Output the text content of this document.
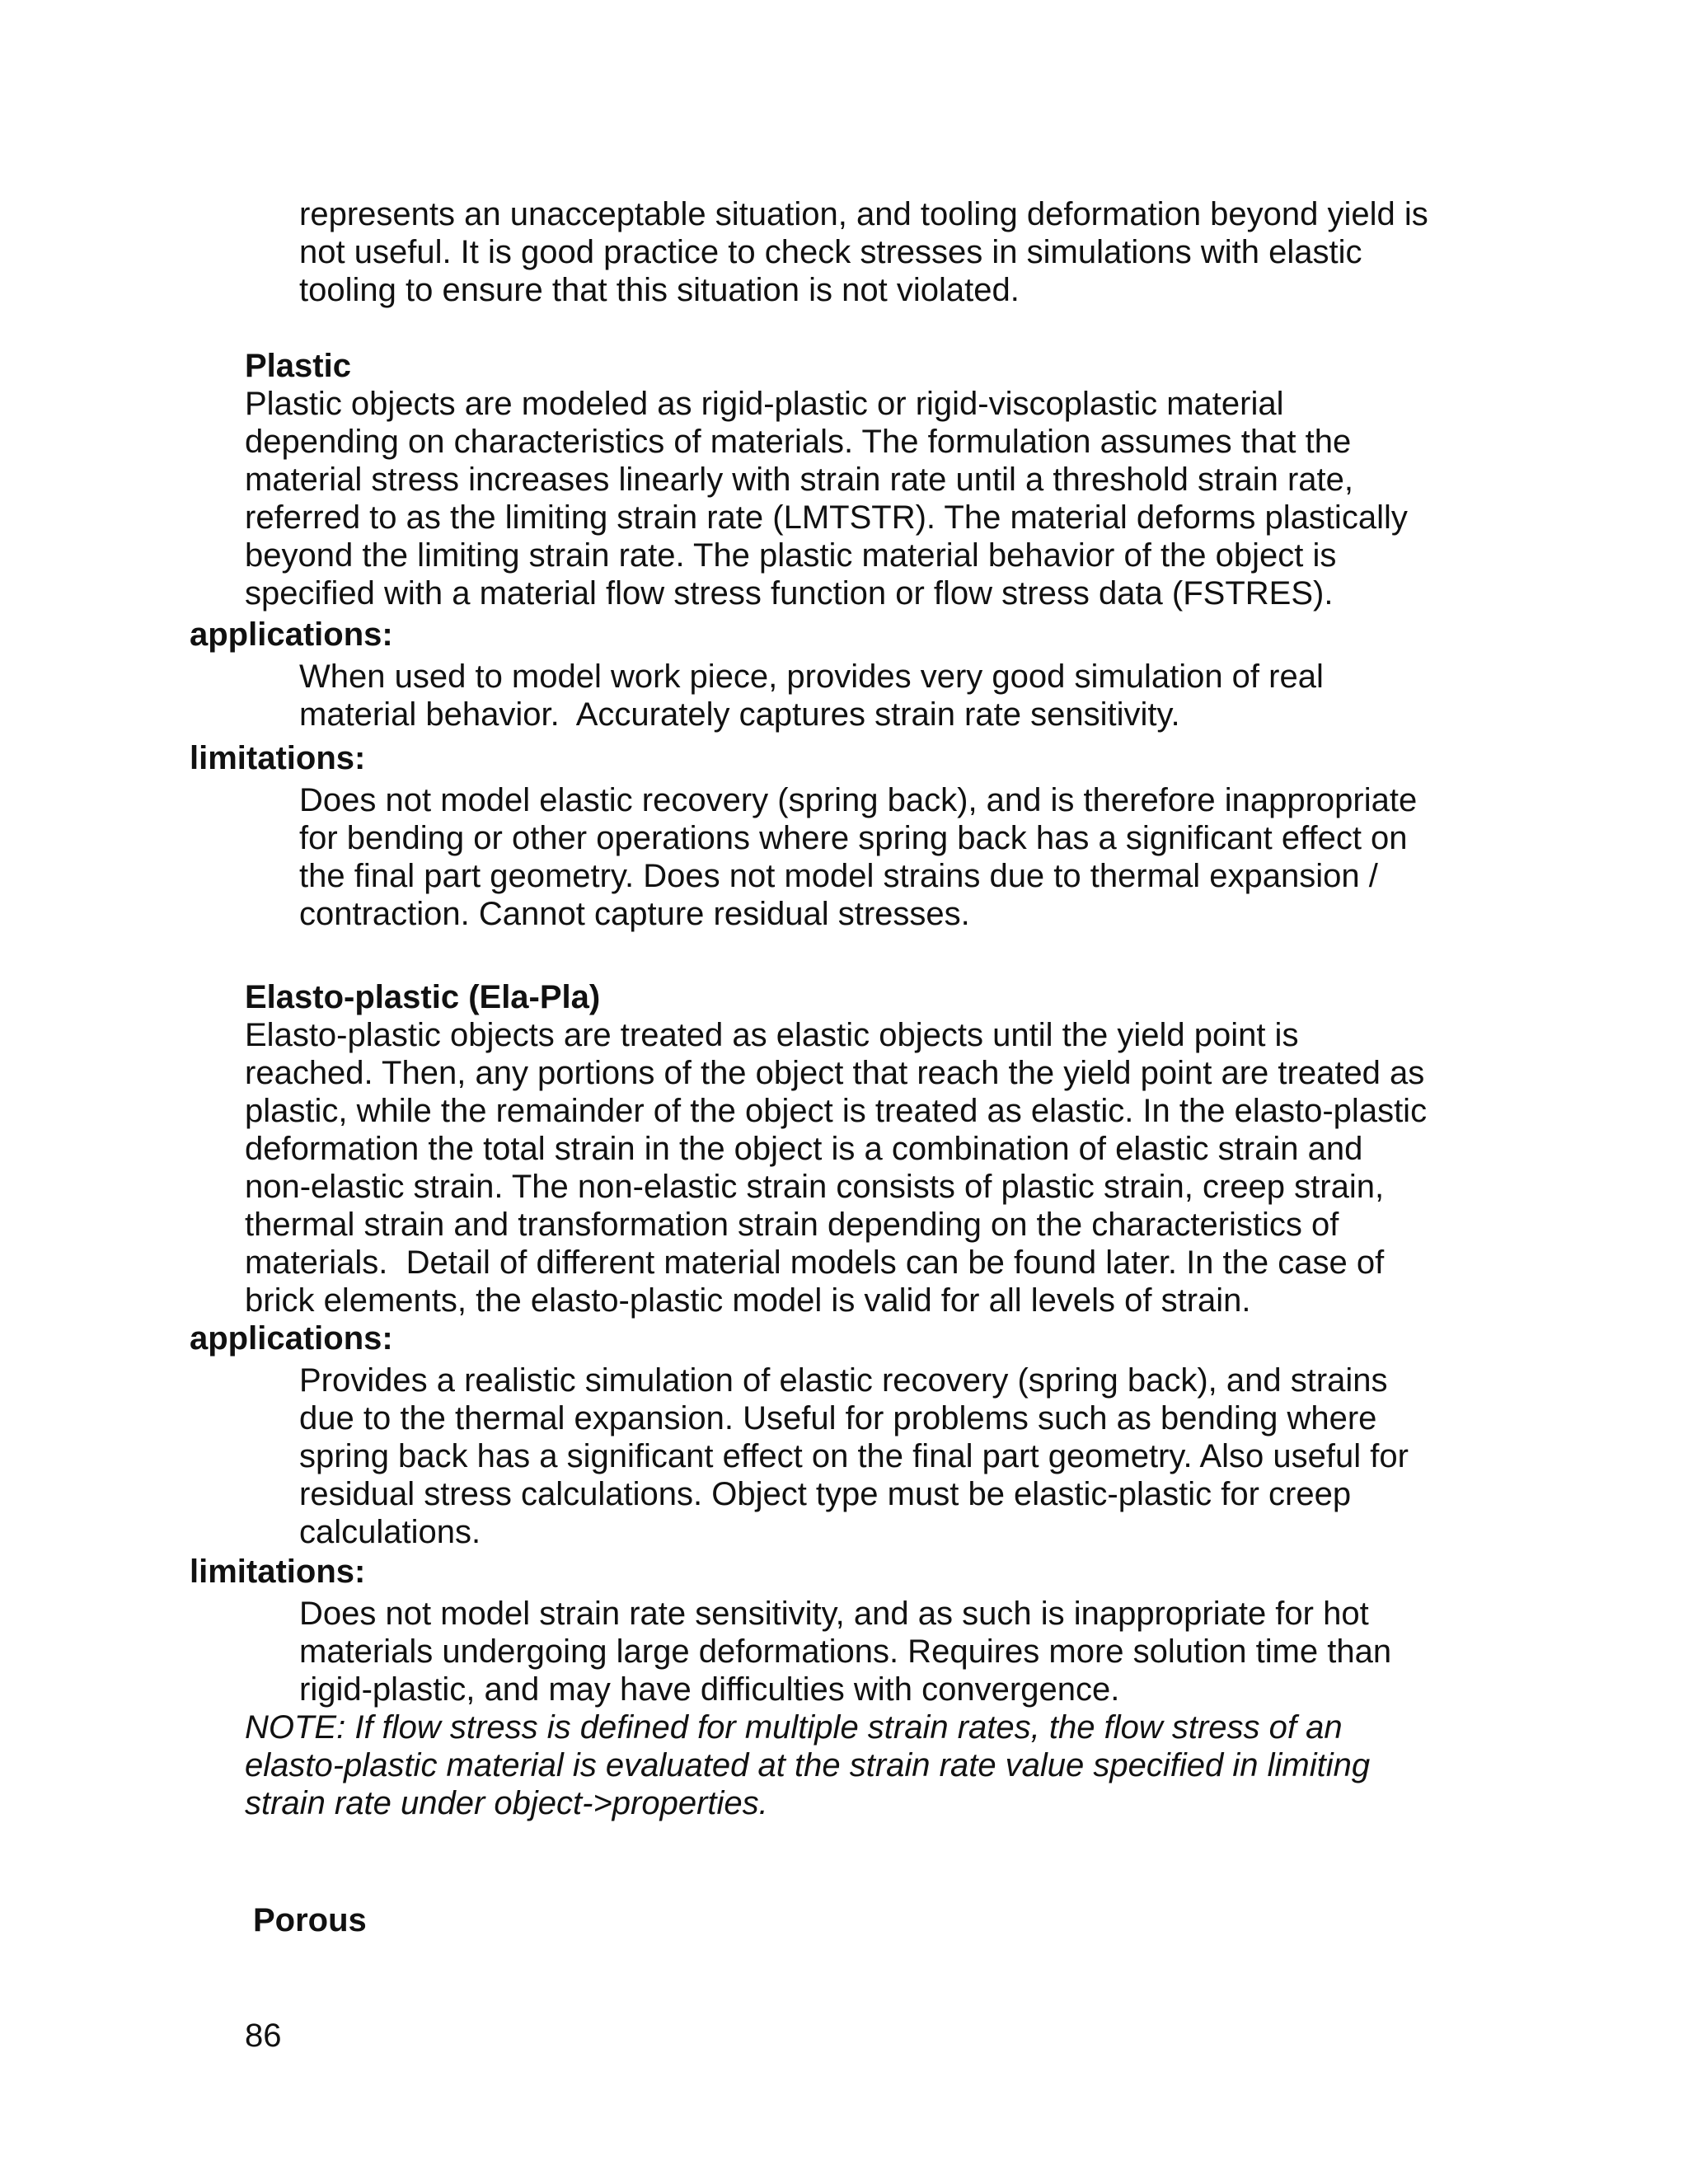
represents an unacceptable situation, and tooling deformation beyond yield is
not useful. It is good practice to check stresses in simulations with elastic
tooling to ensure that this situation is not violated.
Plastic
Plastic objects are modeled as rigid-plastic or rigid-viscoplastic material
depending on characteristics of materials. The formulation assumes that the
material stress increases linearly with strain rate until a threshold strain rate,
referred to as the limiting strain rate (LMTSTR). The material deforms plastically
beyond the limiting strain rate. The plastic material behavior of the object is
specified with a material flow stress function or flow stress data (FSTRES).
applications:
When used to model work piece, provides very good simulation of real
material behavior.  Accurately captures strain rate sensitivity.
limitations:
Does not model elastic recovery (spring back), and is therefore inappropriate
for bending or other operations where spring back has a significant effect on
the final part geometry. Does not model strains due to thermal expansion /
contraction. Cannot capture residual stresses.
Elasto-plastic (Ela-Pla)
Elasto-plastic objects are treated as elastic objects until the yield point is
reached. Then, any portions of the object that reach the yield point are treated as
plastic, while the remainder of the object is treated as elastic. In the elasto-plastic
deformation the total strain in the object is a combination of elastic strain and
non-elastic strain. The non-elastic strain consists of plastic strain, creep strain,
thermal strain and transformation strain depending on the characteristics of
materials.  Detail of different material models can be found later. In the case of
brick elements, the elasto-plastic model is valid for all levels of strain.
applications:
Provides a realistic simulation of elastic recovery (spring back), and strains
due to the thermal expansion. Useful for problems such as bending where
spring back has a significant effect on the final part geometry. Also useful for
residual stress calculations. Object type must be elastic-plastic for creep
calculations.
limitations:
Does not model strain rate sensitivity, and as such is inappropriate for hot
materials undergoing large deformations. Requires more solution time than
rigid-plastic, and may have difficulties with convergence.
NOTE: If flow stress is defined for multiple strain rates, the flow stress of an
elasto-plastic material is evaluated at the strain rate value specified in limiting
strain rate under object->properties.
Porous
86
